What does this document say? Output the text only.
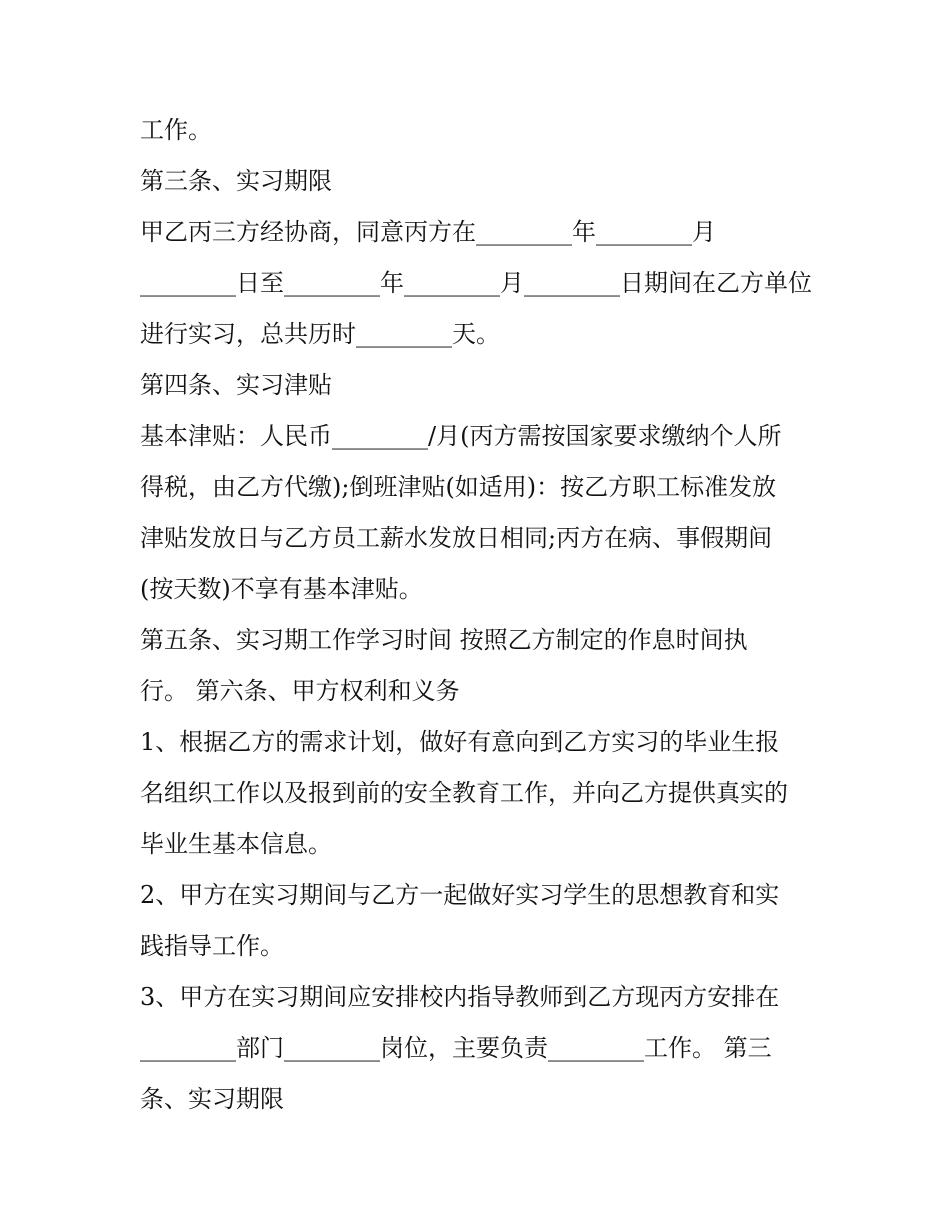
工作。
第三条、实习期限
甲乙丙三方经协商，同意丙方在________年________月
________日至________年________月________日期间在乙方单位
进行实习，总共历时________天。
第四条、实习津贴
基本津贴：人民币________/月(丙方需按国家要求缴纳个人所
得税，由乙方代缴);倒班津贴(如适用)：按乙方职工标准发放
津贴发放日与乙方员工薪水发放日相同;丙方在病、事假期间
(按天数)不享有基本津贴。
第五条、实习期工作学习时间 按照乙方制定的作息时间执
行。 第六条、甲方权利和义务
1、根据乙方的需求计划，做好有意向到乙方实习的毕业生报
名组织工作以及报到前的安全教育工作，并向乙方提供真实的
毕业生基本信息。
2、甲方在实习期间与乙方一起做好实习学生的思想教育和实
践指导工作。
3、甲方在实习期间应安排校内指导教师到乙方现丙方安排在
________部门________岗位，主要负责________工作。 第三
条、实习期限
